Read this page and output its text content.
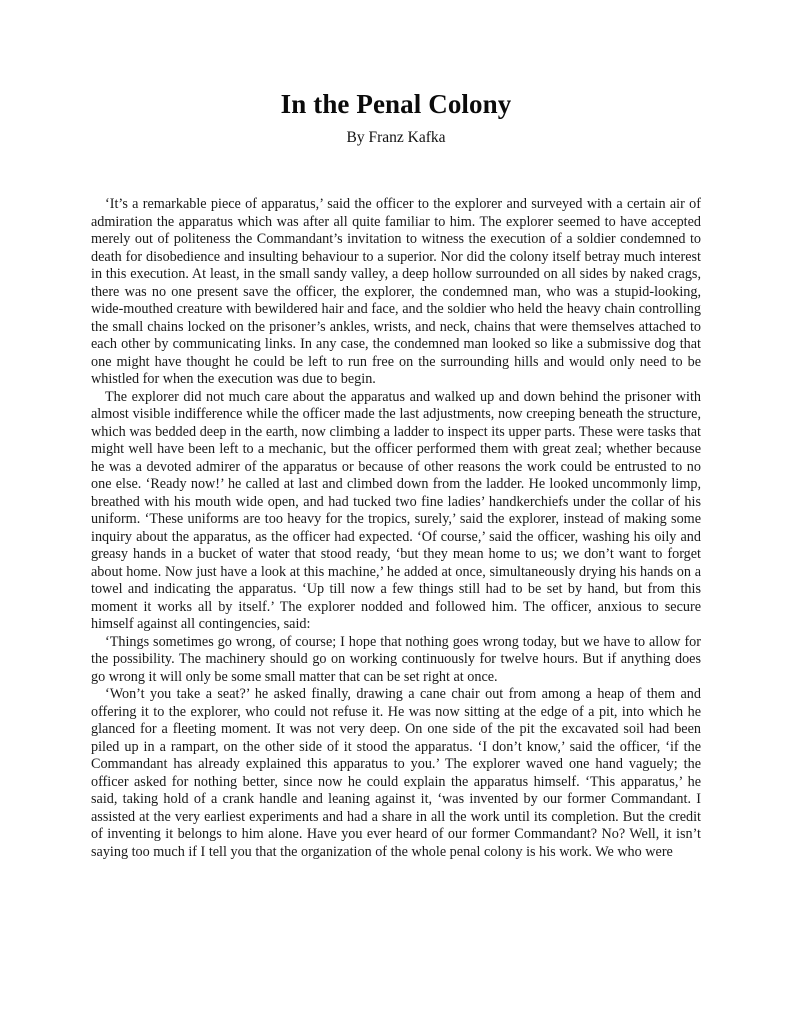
In the Penal Colony
By Franz Kafka

‘It’s a remarkable piece of apparatus,’ said the officer to the explorer and surveyed with a certain air of admiration the apparatus which was after all quite familiar to him. The explorer seemed to have accepted merely out of politeness the Commandant’s invitation to witness the execution of a soldier condemned to death for disobedience and insulting behaviour to a superior. Nor did the colony itself betray much interest in this execution. At least, in the small sandy valley, a deep hollow surrounded on all sides by naked crags, there was no one present save the officer, the explorer, the condemned man, who was a stupid-looking, wide-mouthed creature with bewildered hair and face, and the soldier who held the heavy chain controlling the small chains locked on the prisoner’s ankles, wrists, and neck, chains that were themselves attached to each other by communicating links. In any case, the condemned man looked so like a submissive dog that one might have thought he could be left to run free on the surrounding hills and would only need to be whistled for when the execution was due to begin.

The explorer did not much care about the apparatus and walked up and down behind the prisoner with almost visible indifference while the officer made the last adjustments, now creeping beneath the structure, which was bedded deep in the earth, now climbing a ladder to inspect its upper parts. These were tasks that might well have been left to a mechanic, but the officer performed them with great zeal; whether because he was a devoted admirer of the apparatus or because of other reasons the work could be entrusted to no one else. ‘Ready now!’ he called at last and climbed down from the ladder. He looked uncommonly limp, breathed with his mouth wide open, and had tucked two fine ladies’ handkerchiefs under the collar of his uniform. ‘These uniforms are too heavy for the tropics, surely,’ said the explorer, instead of making some inquiry about the apparatus, as the officer had expected. ‘Of course,’ said the officer, washing his oily and greasy hands in a bucket of water that stood ready, ‘but they mean home to us; we don’t want to forget about home. Now just have a look at this machine,’ he added at once, simultaneously drying his hands on a towel and indicating the apparatus. ‘Up till now a few things still had to be set by hand, but from this moment it works all by itself.’ The explorer nodded and followed him. The officer, anxious to secure himself against all contingencies, said:

‘Things sometimes go wrong, of course; I hope that nothing goes wrong today, but we have to allow for the possibility. The machinery should go on working continuously for twelve hours. But if anything does go wrong it will only be some small matter that can be set right at once.

‘Won’t you take a seat?’ he asked finally, drawing a cane chair out from among a heap of them and offering it to the explorer, who could not refuse it. He was now sitting at the edge of a pit, into which he glanced for a fleeting moment. It was not very deep. On one side of the pit the excavated soil had been piled up in a rampart, on the other side of it stood the apparatus. ‘I don’t know,’ said the officer, ‘if the Commandant has already explained this apparatus to you.’ The explorer waved one hand vaguely; the officer asked for nothing better, since now he could explain the apparatus himself. ‘This apparatus,’ he said, taking hold of a crank handle and leaning against it, ‘was invented by our former Commandant. I assisted at the very earliest experiments and had a share in all the work until its completion. But the credit of inventing it belongs to him alone. Have you ever heard of our former Commandant? No? Well, it isn’t saying too much if I tell you that the organization of the whole penal colony is his work. We who were
